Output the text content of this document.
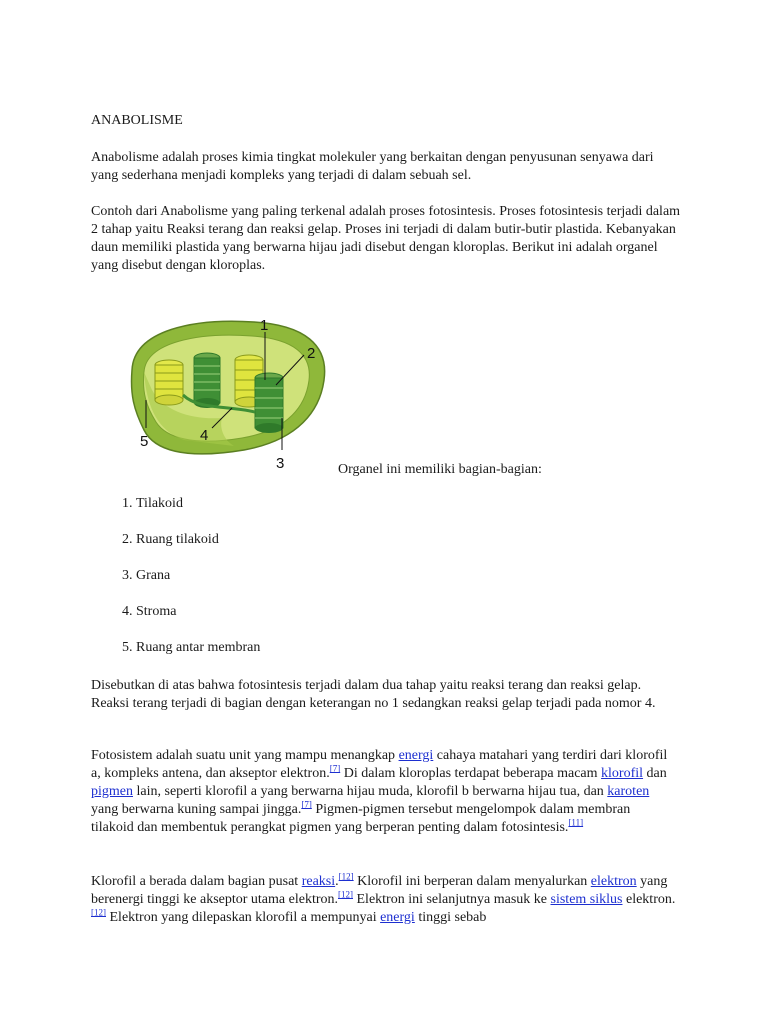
ANABOLISME

Anabolisme adalah proses kimia tingkat molekuler yang berkaitan dengan penyusunan senyawa dari yang sederhana menjadi kompleks yang terjadi di dalam sebuah sel.

Contoh dari Anabolisme yang paling terkenal adalah proses fotosintesis. Proses fotosintesis terjadi dalam 2 tahap yaitu Reaksi terang dan reaksi gelap. Proses ini terjadi di dalam butir-butir plastida. Kebanyakan daun memiliki plastida yang berwarna hijau jadi disebut dengan kloroplas. Berikut ini adalah organel yang disebut dengan kloroplas.

1
2
3
4
5

Organel ini memiliki bagian-bagian:

1. Tilakoid
2. Ruang tilakoid
3. Grana
4. Stroma
5. Ruang antar membran

Disebutkan di atas bahwa fotosintesis terjadi dalam dua tahap yaitu reaksi terang dan reaksi gelap. Reaksi terang terjadi di bagian dengan keterangan no 1 sedangkan reaksi gelap terjadi pada nomor 4.

Fotosistem adalah suatu unit yang mampu menangkap energi cahaya matahari yang terdiri dari klorofil a, kompleks antena, dan akseptor elektron.[7] Di dalam kloroplas terdapat beberapa macam klorofil dan pigmen lain, seperti klorofil a yang berwarna hijau muda, klorofil b berwarna hijau tua, dan karoten yang berwarna kuning sampai jingga.[7] Pigmen-pigmen tersebut mengelompok dalam membran tilakoid dan membentuk perangkat pigmen yang berperan penting dalam fotosintesis.[11]

Klorofil a berada dalam bagian pusat reaksi.[12] Klorofil ini berperan dalam menyalurkan elektron yang berenergi tinggi ke akseptor utama elektron.[12] Elektron ini selanjutnya masuk ke sistem siklus elektron.[12] Elektron yang dilepaskan klorofil a mempunyai energi tinggi sebab
